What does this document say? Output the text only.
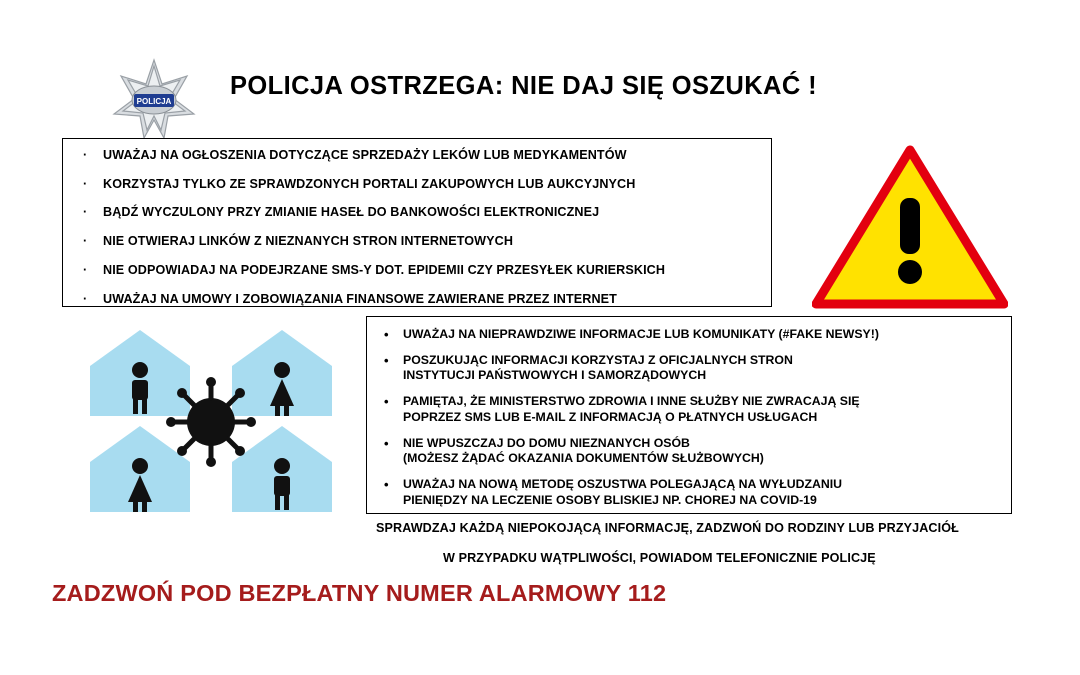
POLICJA
POLICJA OSTRZEGA: NIE DAJ SIĘ OSZUKAĆ !
· UWAŻAJ NA OGŁOSZENIA DOTYCZĄCE SPRZEDAŻY LEKÓW LUB MEDYKAMENTÓW
· KORZYSTAJ TYLKO ZE SPRAWDZONYCH PORTALI ZAKUPOWYCH LUB AUKCYJNYCH
· BĄDŹ WYCZULONY PRZY ZMIANIE HASEŁ DO BANKOWOŚCI ELEKTRONICZNEJ
· NIE OTWIERAJ LINKÓW Z NIEZNANYCH STRON INTERNETOWYCH
· NIE ODPOWIADAJ NA PODEJRZANE SMS-Y DOT. EPIDEMII CZY PRZESYŁEK KURIERSKICH
· UWAŻAJ NA UMOWY I ZOBOWIĄZANIA FINANSOWE ZAWIERANE PRZEZ INTERNET
• UWAŻAJ NA NIEPRAWDZIWE INFORMACJE LUB KOMUNIKATY (#FAKE NEWSY!)
• POSZUKUJĄC INFORMACJI KORZYSTAJ Z OFICJALNYCH STRON
INSTYTUCJI PAŃSTWOWYCH I SAMORZĄDOWYCH
• PAMIĘTAJ, ŻE MINISTERSTWO ZDROWIA I INNE SŁUŻBY NIE ZWRACAJĄ SIĘ
POPRZEZ SMS LUB E-MAIL Z INFORMACJĄ O PŁATNYCH USŁUGACH
• NIE WPUSZCZAJ DO DOMU NIEZNANYCH OSÓB
(MOŻESZ ŻĄDAĆ OKAZANIA DOKUMENTÓW SŁUŻBOWYCH)
• UWAŻAJ NA NOWĄ METODĘ OSZUSTWA POLEGAJĄCĄ NA WYŁUDZANIU
PIENIĘDZY NA LECZENIE OSOBY BLISKIEJ NP. CHOREJ NA COVID-19
SPRAWDZAJ KAŻDĄ NIEPOKOJĄCĄ INFORMACJĘ, ZADZWOŃ DO RODZINY LUB PRZYJACIÓŁ
W PRZYPADKU WĄTPLIWOŚCI, POWIADOM TELEFONICZNIE POLICJĘ
ZADZWOŃ POD BEZPŁATNY NUMER ALARMOWY 112
